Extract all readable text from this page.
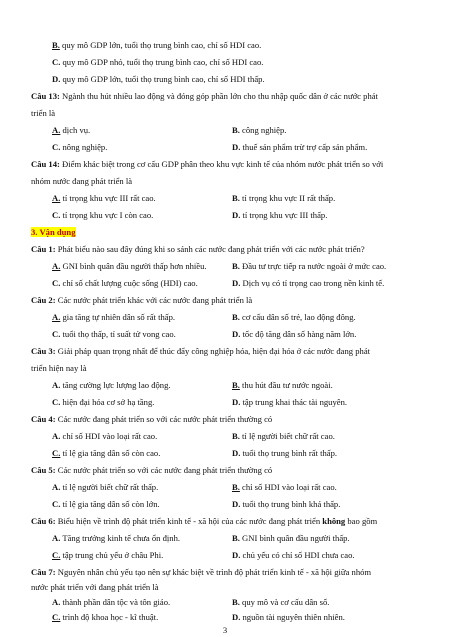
B. quy mô GDP lớn, tuổi thọ trung bình cao, chỉ số HDI cao.
C. quy mô GDP nhỏ, tuổi thọ trung bình cao, chỉ số HDI cao.
D. quy mô GDP lớn, tuổi thọ trung bình cao, chỉ số HDI thấp.
Câu 13: Ngành thu hút nhiều lao động và đóng góp phần lớn cho thu nhập quốc dân ở các nước phát
triển là
A. dịch vụ.	B. công nghiệp.
C. nông nghiệp.	D. thuế sản phẩm trừ trợ cấp sản phẩm.
Câu 14: Điểm khác biệt trong cơ cấu GDP phân theo khu vực kinh tế của nhóm nước phát triển so với
nhóm nước đang phát triển là
A. tỉ trọng khu vực III rất cao.	B. tỉ trọng khu vực II rất thấp.
C. tỉ trọng khu vực I còn cao.	D. tỉ trọng khu vực III thấp.
3. Vận dụng
Câu 1: Phát biểu nào sau đây đúng khi so sánh các nước đang phát triển với các nước phát triển?
A. GNI bình quân đầu người thấp hơn nhiều.	B. Đầu tư trực tiếp ra nước ngoài ở mức cao.
C. chỉ số chất lượng cuộc sống (HDI) cao.	D. Dịch vụ có tỉ trọng cao trong nền kinh tế.
Câu 2: Các nước phát triển khác với các nước đang phát triển là
A. gia tăng tự nhiên dân số rất thấp.	B. cơ cấu dân số trẻ, lao động đông.
C. tuổi thọ thấp, tỉ suất tử vong cao.	D. tốc độ tăng dân số hàng năm lớn.
Câu 3: Giải pháp quan trọng nhất để thúc đẩy công nghiệp hóa, hiện đại hóa ở các nước đang phát
triển hiện nay là
A. tăng cường lực lượng lao động.	B. thu hút đầu tư nước ngoài.
C. hiện đại hóa cơ sở hạ tầng.	D. tập trung khai thác tài nguyên.
Câu 4: Các nước đang phát triển so với các nước phát triển thường có
A. chỉ số HDI vào loại rất cao.	B. tỉ lệ người biết chữ rất cao.
C. tỉ lệ gia tăng dân số còn cao.	D. tuổi thọ trung bình rất thấp.
Câu 5: Các nước phát triển so với các nước đang phát triển thường có
A. tỉ lệ người biết chữ rất thấp.	B. chỉ số HDI vào loại rất cao.
C. tỉ lệ gia tăng dân số còn lớn.	D. tuổi thọ trung bình khá thấp.
Câu 6: Biểu hiện về trình độ phát triển kinh tế - xã hội của các nước đang phát triển không bao gồm
A. Tăng trưởng kinh tế chưa ổn định.	B. GNI bình quân đầu người thấp.
C. tập trung chủ yếu ở châu Phi.	D. chủ yếu có chỉ số HDI chưa cao.
Câu 7: Nguyên nhân chủ yếu tạo nên sự khác biệt về trình độ phát triển kinh tế - xã hội giữa nhóm
nước phát triển với đang phát triển là
A. thành phần dân tộc và tôn giáo.	B. quy mô và cơ cấu dân số.
C. trình độ khoa học - kĩ thuật.	D. nguồn tài nguyên thiên nhiên.
3
